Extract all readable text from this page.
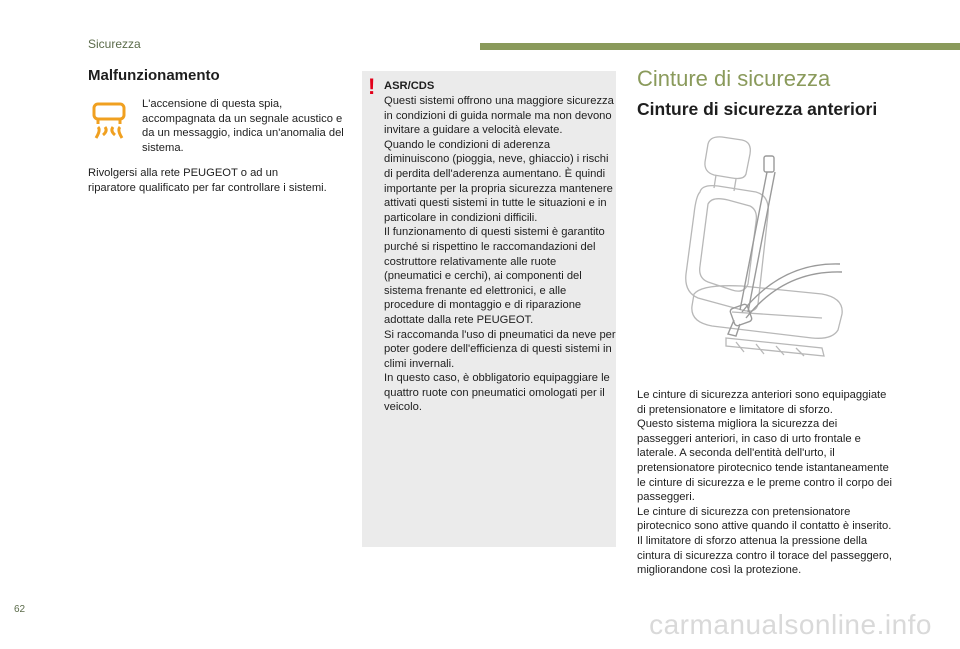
Sicurezza
Malfunzionamento
L'accensione di questa spia, accompagnata da un segnale acustico e da un messaggio, indica un'anomalia del sistema.
Rivolgersi alla rete PEUGEOT o ad un riparatore qualificato per far controllare i sistemi.
! ASR/CDS
Questi sistemi offrono una maggiore sicurezza in condizioni di guida normale ma non devono invitare a guidare a velocità elevate.
Quando le condizioni di aderenza diminuiscono (pioggia, neve, ghiaccio) i rischi di perdita dell'aderenza aumentano. È quindi importante per la propria sicurezza mantenere attivati questi sistemi in tutte le situazioni e in particolare in condizioni difficili.
Il funzionamento di questi sistemi è garantito purché si rispettino le raccomandazioni del costruttore relativamente alle ruote (pneumatici e cerchi), ai componenti del sistema frenante ed elettronici, e alle procedure di montaggio e di riparazione adottate dalla rete PEUGEOT.
Si raccomanda l'uso di pneumatici da neve per poter godere dell'efficienza di questi sistemi in climi invernali.
In questo caso, è obbligatorio equipaggiare le quattro ruote con pneumatici omologati per il veicolo.
Cinture di sicurezza
Cinture di sicurezza anteriori
Le cinture di sicurezza anteriori sono equipaggiate di pretensionatore e limitatore di sforzo.
Questo sistema migliora la sicurezza dei passeggeri anteriori, in caso di urto frontale e laterale. A seconda dell'entità dell'urto, il pretensionatore pirotecnico tende istantaneamente le cinture di sicurezza e le preme contro il corpo dei passeggeri.
Le cinture di sicurezza con pretensionatore pirotecnico sono attive quando il contatto è inserito.
Il limitatore di sforzo attenua la pressione della cintura di sicurezza contro il torace del passeggero, migliorandone così la protezione.
62	carmanualsonline.info
